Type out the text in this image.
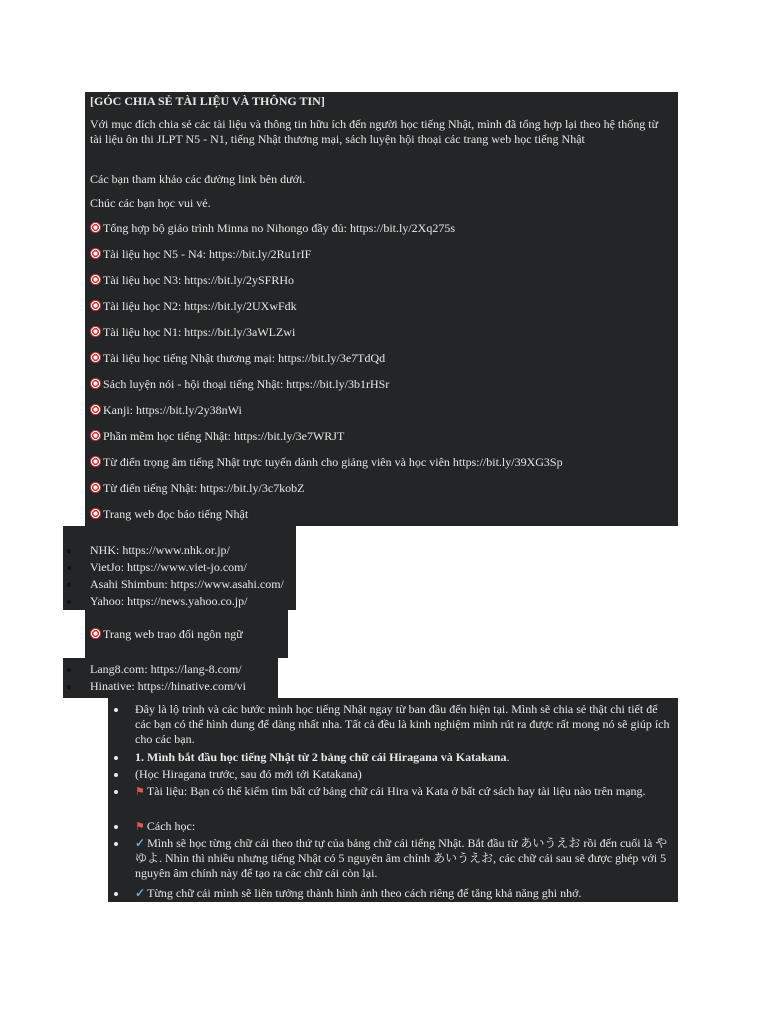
[GÓC CHIA SẺ TÀI LIỆU VÀ THÔNG TIN]
Với mục đích chia sẻ các tài liệu và thông tin hữu ích đến người học tiếng Nhật, mình đã tổng hợp lại theo hệ thống từ tài liệu ôn thi JLPT N5 - N1, tiếng Nhật thương mại, sách luyện hội thoại các trang web học tiếng Nhật
Các bạn tham khảo các đường link bên dưới.
Chúc các bạn học vui vẻ.
Tổng hợp bộ giáo trình Minna no Nihongo đầy đủ: https://bit.ly/2Xq275s
Tài liệu học N5 - N4: https://bit.ly/2Ru1rIF
Tài liệu học N3: https://bit.ly/2ySFRHo
Tài liệu học N2: https://bit.ly/2UXwFdk
Tài liệu học N1: https://bit.ly/3aWLZwi
Tài liệu học tiếng Nhật thương mại: https://bit.ly/3e7TdQd
Sách luyện nói - hội thoại tiếng Nhật: https://bit.ly/3b1rHSr
Kanji: https://bit.ly/2y38nWi
Phần mềm học tiếng Nhật: https://bit.ly/3e7WRJT
Từ điển trọng âm tiếng Nhật trực tuyến dành cho giảng viên và học viên https://bit.ly/39XG3Sp
Từ điển tiếng Nhật: https://bit.ly/3c7kobZ
Trang web đọc báo tiếng Nhật
NHK: https://www.nhk.or.jp/
VietJo: https://www.viet-jo.com/
Asahi Shimbun: https://www.asahi.com/
Yahoo: https://news.yahoo.co.jp/
Trang web trao đổi ngôn ngữ
Lang8.com: https://lang-8.com/
Hinative: https://hinative.com/vi
Đây là lộ trình và các bước mình học tiếng Nhật ngay từ ban đầu đến hiện tại. Mình sẽ chia sẻ thật chi tiết để các bạn có thể hình dung để dàng nhất nha. Tất cả đều là kinh nghiệm mình rút ra được rất mong nó sẽ giúp ích cho các bạn.
1. Mình bắt đầu học tiếng Nhật từ 2 bảng chữ cái Hiragana và Katakana.
(Học Hiragana trước, sau đó mới tới Katakana)
⚑ Tài liệu: Bạn có thể kiếm tìm bất cứ bảng chữ cái Hira và Kata ở bất cứ sách hay tài liệu nào trên mạng.
⚑ Cách học:
✓ Mình sẽ học từng chữ cái theo thứ tự của bảng chữ cái tiếng Nhật. Bắt đầu từ あいうえお rồi đến cuối là やゆよ. Nhìn thì nhiều nhưng tiếng Nhật có 5 nguyên âm chính あいうえお, các chữ cái sau sẽ được ghép với 5 nguyên âm chính này để tạo ra các chữ cái còn lại.
✓ Từng chữ cái mình sẽ liên tưởng thành hình ảnh theo cách riêng để tăng khả năng ghi nhớ.
